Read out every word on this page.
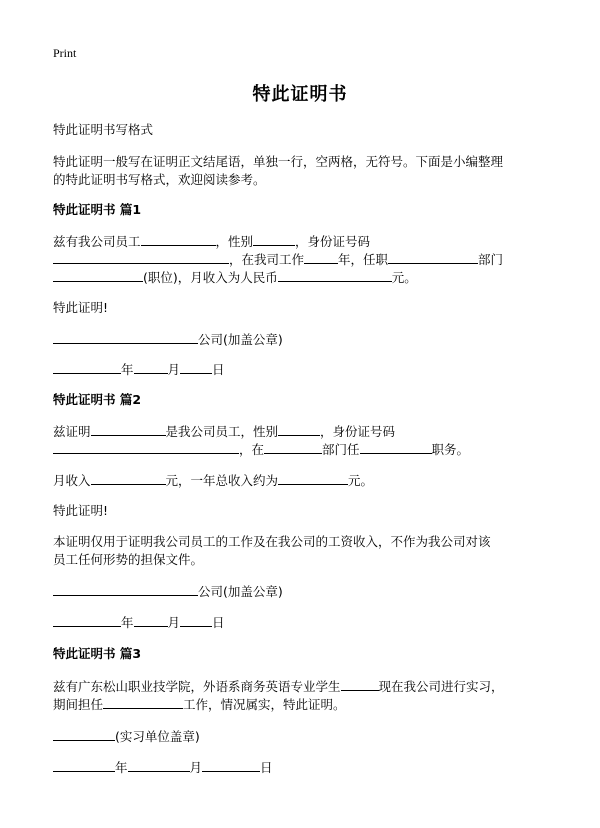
Print
特此证明书
特此证明书写格式
特此证明一般写在证明正文结尾语，单独一行，空两格，无符号。下面是小编整理
的特此证明书写格式，欢迎阅读参考。
特此证明书 篇1
兹有我公司员工	，性别	，身份证号码
，在我司工作	年，任职	部门
(职位)，月收入为人民币	元。
特此证明!
公司(加盖公章)
年	月	日
特此证明书 篇2
兹证明	是我公司员工，性别	，身份证号码
，在	部门任	职务。
月收入	元，一年总收入约为	元。
特此证明!
本证明仅用于证明我公司员工的工作及在我公司的工资收入，不作为我公司对该
员工任何形势的担保文件。
公司(加盖公章)
年	月	日
特此证明书 篇3
兹有广东松山职业技学院，外语系商务英语专业学生	现在我公司进行实习，
期间担任	工作，情况属实，特此证明。
(实习单位盖章)
年	月	日
